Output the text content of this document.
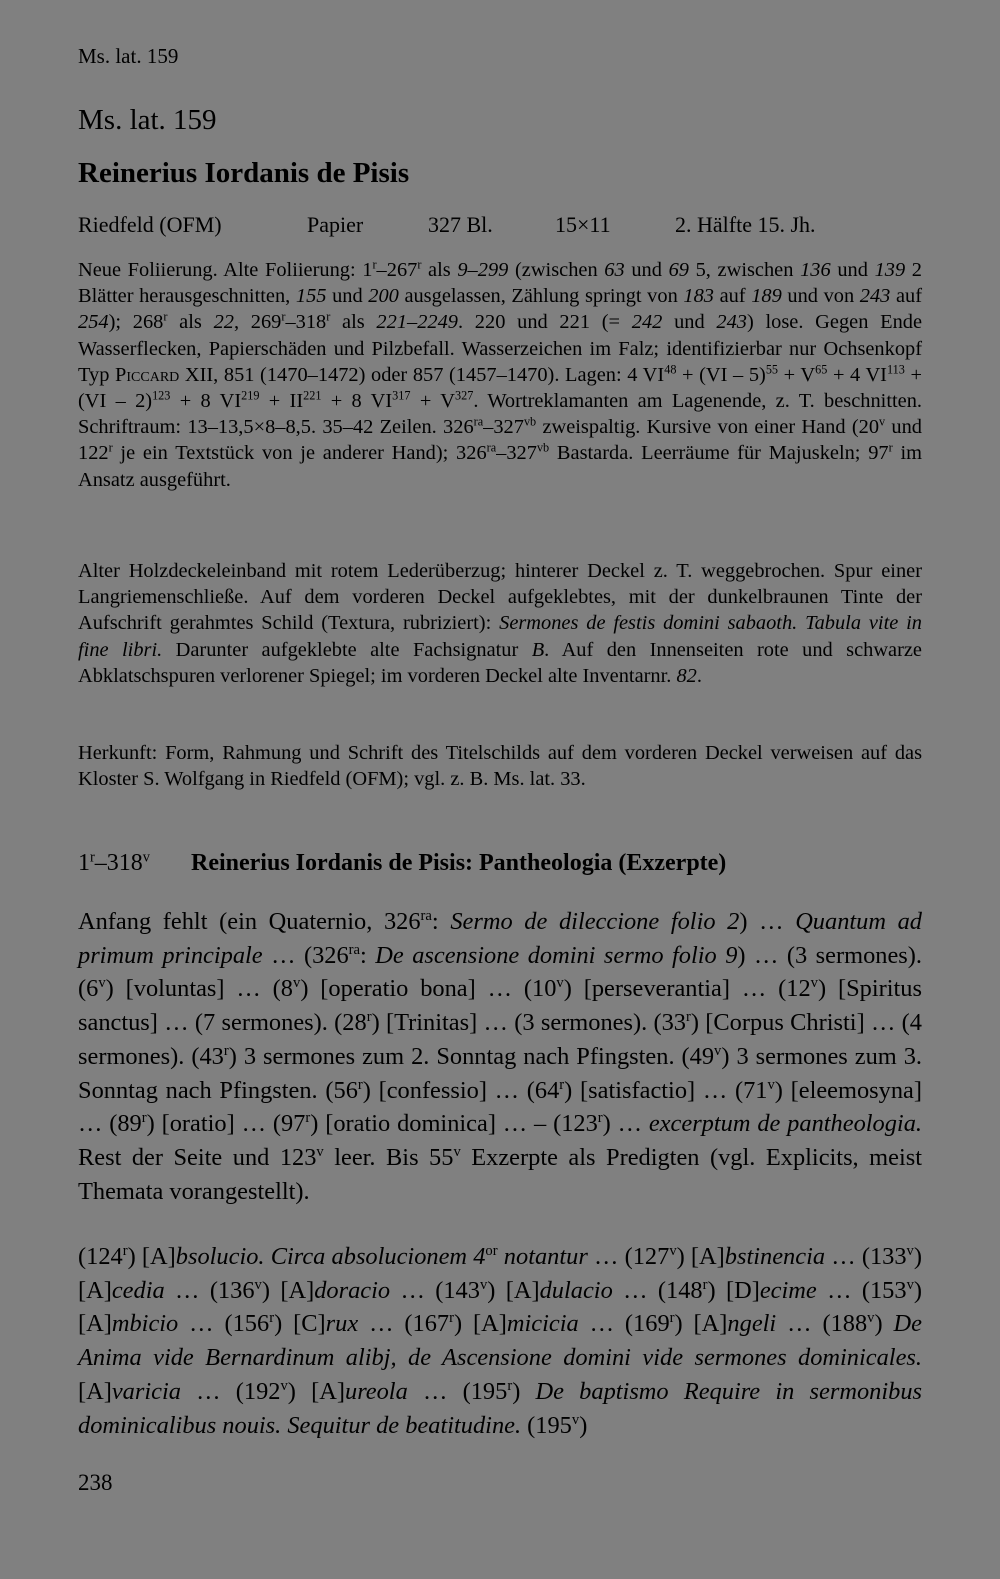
Ms. lat. 159
Ms. lat. 159
Reinerius Iordanis de Pisis
Riedfeld (OFM)	Papier	327 Bl.	15×11	2. Hälfte 15. Jh.

Neue Foliierung. Alte Foliierung: 1$^r$–267$^r$ als 9–299 (zwischen 63 und 69 5, zwischen 136 und 139 2 Blätter herausgeschnitten, 155 und 200 ausgelassen, Zählung springt von 183 auf 189 und von 243 auf 254); 268$^r$ als 22, 269$^r$–318$^r$ als 221–2249. 220 und 221 (= 242 und 243) lose. Gegen Ende Wasserflecken, Papierschäden und Pilzbefall. Wasserzeichen im Falz; identifizierbar nur Ochsenkopf Typ Piccard XII, 851 (1470–1472) oder 857 (1457–1470). Lagen: 4 $VI^{48} + (VI - 5)^{55} + V^{65} + 4$ $VI^{113} + (VI - 2)^{123} + 8$ $VI^{219} + II^{221} + 8$ $VI^{317} + V^{327}$. Wortreklamanten am Lagenende, z. T. beschnitten. Schriftraum: 13–13,5×8–8,5. 35–42 Zeilen. $326^{ra}-327^{vb}$ zweispaltig. Kursive von einer Hand (20$^v$ und 122$^r$ je ein Textstück von je anderer Hand); $326^{ra}-327^{vb}$ Bastarda. Leerräume für Majuskeln; 97$^r$ im Ansatz ausgeführt.

Alter Holzdeckeleinband mit rotem Lederüberzug; hinterer Deckel z. T. weggebrochen. Spur einer Langriemenschließe. Auf dem vorderen Deckel aufgeklebtes, mit der dunkelbraunen Tinte der Aufschrift gerahmtes Schild (Textura, rubriziert): Sermones de festis domini sabaoth. Tabula vite in fine libri. Darunter aufgeklebte alte Fachsignatur B. Auf den Innenseiten rote und schwarze Abklatschspuren verlorener Spiegel; im vorderen Deckel alte Inventarnr. 82.

Herkunft: Form, Rahmung und Schrift des Titelschilds auf dem vorderen Deckel verweisen auf das Kloster S. Wolfgang in Riedfeld (OFM); vgl. z. B. Ms. lat. 33.

1$^r$–318$^v$ Reinerius Iordanis de Pisis: Pantheologia (Exzerpte)

Anfang fehlt (ein Quaternio, $326^{ra}$: Sermo de dileccione folio 2) … Quantum ad primum principale … ($326^{ra}$: De ascensione domini sermo folio 9) … (3 sermones). (6$^v$) [voluntas] … (8$^v$) [operatio bona] … (10$^v$) [perseverantia] … (12$^v$) [Spiritus sanctus] … (7 sermones). (28$^r$) [Trinitas] … (3 sermones). (33$^r$) [Corpus Christi] … (4 sermones). (43$^r$) 3 sermones zum 2. Sonntag nach Pfingsten. (49$^v$) 3 sermones zum 3. Sonntag nach Pfingsten. (56$^r$) [confessio] … (64$^r$) [satisfactio] … (71$^v$) [eleemosyna] … (89$^r$) [oratio] … (97$^r$) [oratio dominica] … – (123$^r$) … excerptum de pantheologia. Rest der Seite und 123$^v$ leer. Bis 55$^v$ Exzerpte als Predigten (vgl. Explicits, meist Themata vorangestellt).

(124$^r$) [A]bsolucio. Circa absolucionem $4^{or}$ notantur … (127$^v$) [A]bstinencia … (133$^v$) [A]cedia … (136$^v$) [A]doracio … (143$^v$) [A]dulacio … (148$^r$) [D]ecime … (153$^v$) [A]mbicio … (156$^r$) [C]rux … (167$^r$) [A]micicia … (169$^r$) [A]ngeli … (188$^v$) De Anima vide Bernardinum alibj, de Ascensione domini vide sermones dominicales. [A]varicia … (192$^v$) [A]ureola … (195$^r$) De baptismo Require in sermonibus dominicalibus nouis. Sequitur de beatitudine. (195$^v$)

238
